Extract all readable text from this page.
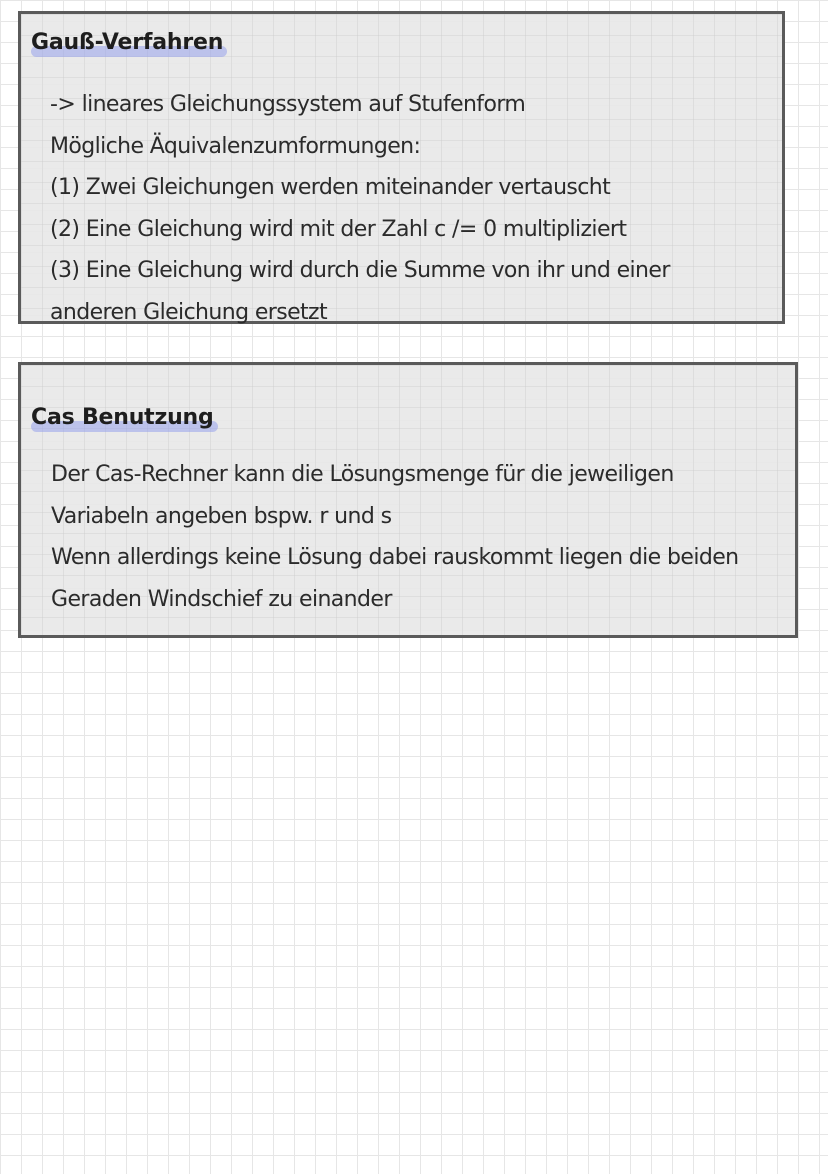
Gauß-Verfahren
-> lineares Gleichungssystem auf Stufenform
Mögliche Äquivalenzumformungen:
(1) Zwei Gleichungen werden miteinander vertauscht
(2) Eine Gleichung wird mit der Zahl c /= 0 multipliziert
(3) Eine Gleichung wird durch die Summe von ihr und einer
anderen Gleichung ersetzt
Cas Benutzung
Der Cas-Rechner kann die Lösungsmenge für die jeweiligen
Variabeln angeben bspw. r und s
Wenn allerdings keine Lösung dabei rauskommt liegen die beiden
Geraden Windschief zu einander
